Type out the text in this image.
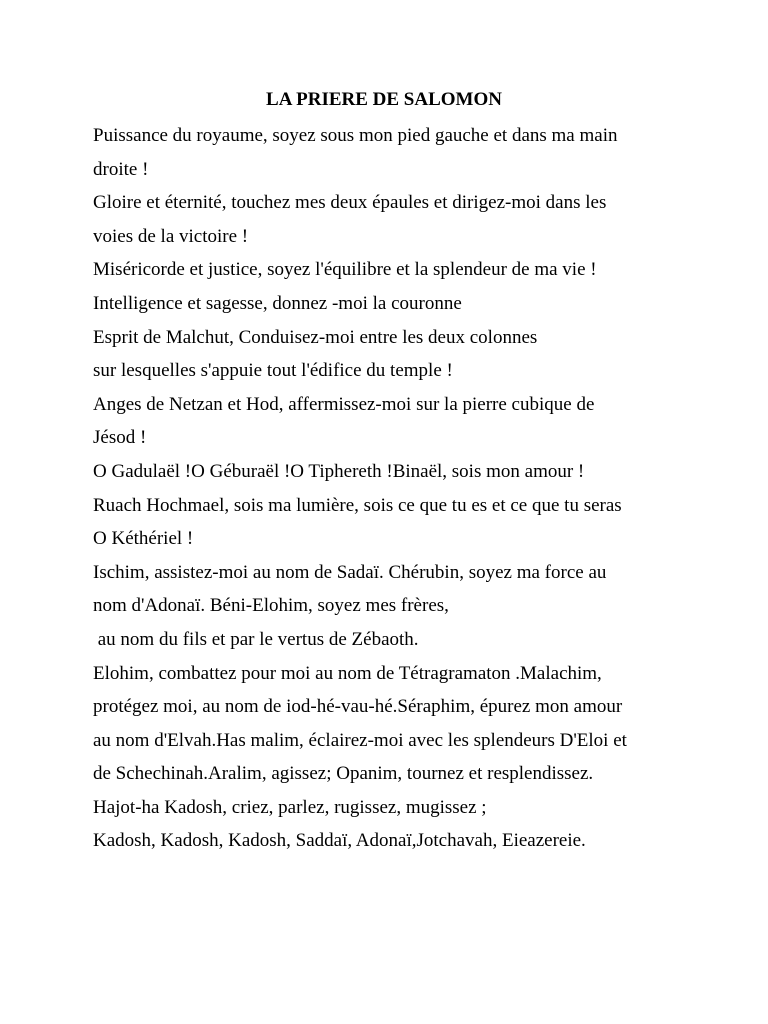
LA PRIERE DE SALOMON

Puissance du royaume, soyez sous mon pied gauche et dans ma main

droite !

Gloire et éternité, touchez mes deux épaules et dirigez-moi dans les

voies de la victoire !

Miséricorde et justice, soyez l'équilibre et la splendeur de ma vie !

Intelligence et sagesse, donnez -moi la couronne

Esprit de Malchut, Conduisez-moi entre les deux colonnes

sur lesquelles s'appuie tout l'édifice du temple !

Anges de Netzan et Hod, affermissez-moi sur la pierre cubique de

Jésod !

O Gadulaël !O Géburaël !O Tiphereth !Binaël, sois mon amour !

Ruach Hochmael, sois ma lumière, sois ce que tu es et ce que tu seras

O Kéthériel !

Ischim, assistez-moi au nom de Sadaï. Chérubin, soyez ma force au

nom d'Adonaï. Béni-Elohim, soyez mes frères,

au nom du fils et par le vertus de Zébaoth.

Elohim, combattez pour moi au nom de Tétragramaton .Malachim,

protégez moi, au nom de iod-hé-vau-hé.Séraphim, épurez mon amour

au nom d'Elvah.Has malim, éclairez-moi avec les splendeurs D'Eloi et

de Schechinah.Aralim, agissez; Opanim, tournez et resplendissez.

Hajot-ha Kadosh, criez, parlez, rugissez, mugissez ;

Kadosh, Kadosh, Kadosh, Saddaï, Adonaï,Jotchavah, Eieazereie.
